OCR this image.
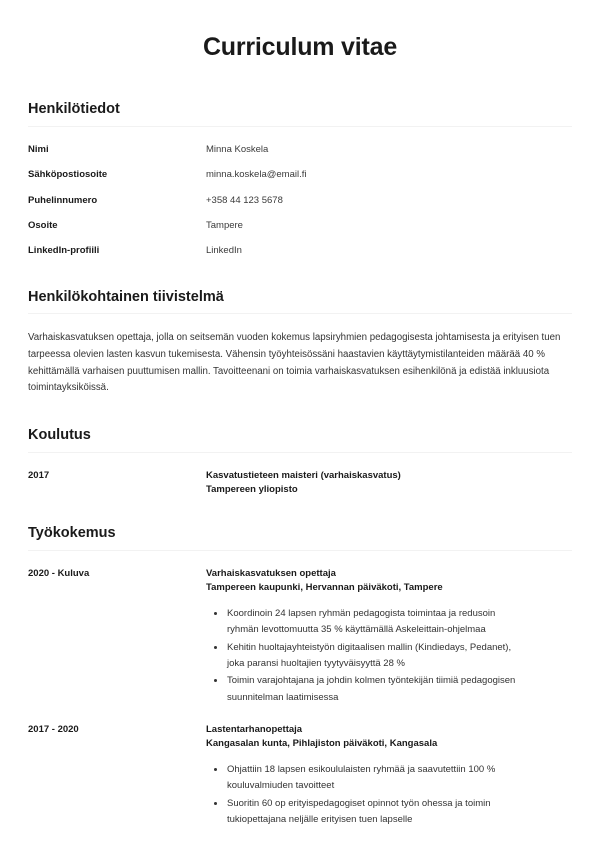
Curriculum vitae
Henkilötiedot
Nimi	Minna Koskela
Sähköpostiosoite	minna.koskela@email.fi
Puhelinnumero	+358 44 123 5678
Osoite	Tampere
LinkedIn-profiili	LinkedIn
Henkilökohtainen tiivistelmä

Varhaiskasvatuksen opettaja, jolla on seitsemän vuoden kokemus lapsiryhmien pedagogisesta johtamisesta ja erityisen tuen tarpeessa olevien lasten kasvun tukemisesta. Vähensin työyhteisössäni haastavien käyttäytymistilanteiden määrää 40 % kehittämällä varhaisen puuttumisen mallin. Tavoitteenani on toimia varhaiskasvatuksen esihenkilönä ja edistää inkluusiota toimintayksiköissä.

Koulutus
2017	Kasvatustieteen maisteri (varhaiskasvatus)
Tampereen yliopisto
Työkokemus
2020 - Kuluva	Varhaiskasvatuksen opettaja
Tampereen kaupunki, Hervannan päiväkoti, Tampere
Koordinoin 24 lapsen ryhmän pedagogista toimintaa ja redusoin ryhmän levottomuutta 35 % käyttämällä Askeleittain-ohjelmaa
Kehitin huoltajayhteistyön digitaalisen mallin (Kindiedays, Pedanet), joka paransi huoltajien tyytyväisyyttä 28 %
Toimin varajohtajana ja johdin kolmen työntekijän tiimiä pedagogisen suunnitelman laatimisessa
2017 - 2020	Lastentarhanopettaja
Kangasalan kunta, Pihlajiston päiväkoti, Kangasala
Ohjattiin 18 lapsen esikoululaisten ryhmää ja saavutettiin 100 % kouluvalmiuden tavoitteet
Suoritin 60 op erityispedagogiset opinnot työn ohessa ja toimin tukiopettajana neljälle erityisen tuen lapselle
